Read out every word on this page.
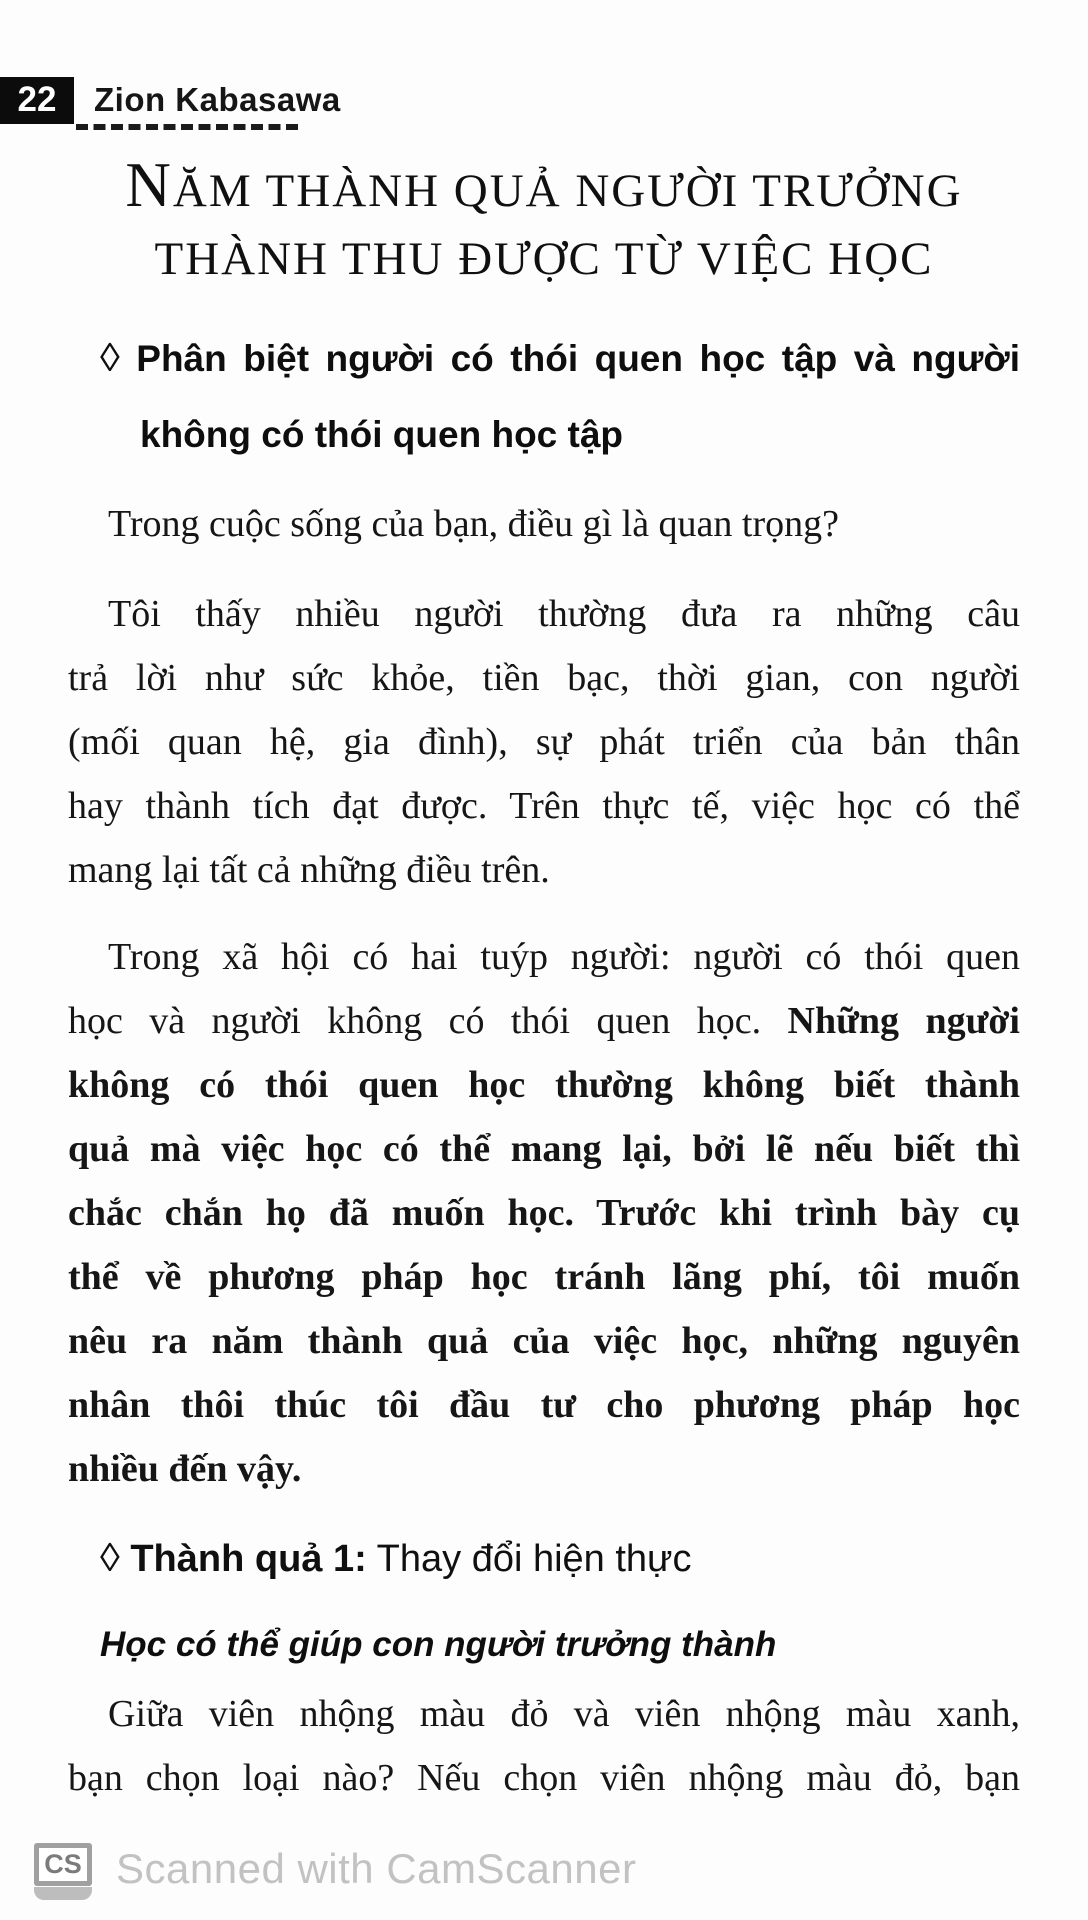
22	Zion Kabasawa
NĂM THÀNH QUẢ NGƯỜI TRƯỞNG
THÀNH THU ĐƯỢC TỪ VIỆC HỌC
◊ Phân biệt người có thói quen học tập và người
không có thói quen học tập
Trong cuộc sống của bạn, điều gì là quan trọng?
Tôi thấy nhiều người thường đưa ra những câu
trả lời như sức khỏe, tiền bạc, thời gian, con người
(mối quan hệ, gia đình), sự phát triển của bản thân
hay thành tích đạt được. Trên thực tế, việc học có thể
mang lại tất cả những điều trên.
Trong xã hội có hai tuýp người: người có thói quen
học và người không có thói quen học. Những người
không có thói quen học thường không biết thành
quả mà việc học có thể mang lại, bởi lẽ nếu biết thì
chắc chắn họ đã muốn học. Trước khi trình bày cụ
thể về phương pháp học tránh lãng phí, tôi muốn
nêu ra năm thành quả của việc học, những nguyên
nhân thôi thúc tôi đầu tư cho phương pháp học
nhiều đến vậy.
◊ Thành quả 1: Thay đổi hiện thực
Học có thể giúp con người trưởng thành
Giữa viên nhộng màu đỏ và viên nhộng màu xanh,
bạn chọn loại nào? Nếu chọn viên nhộng màu đỏ, bạn
CS Scanned with CamScanner
